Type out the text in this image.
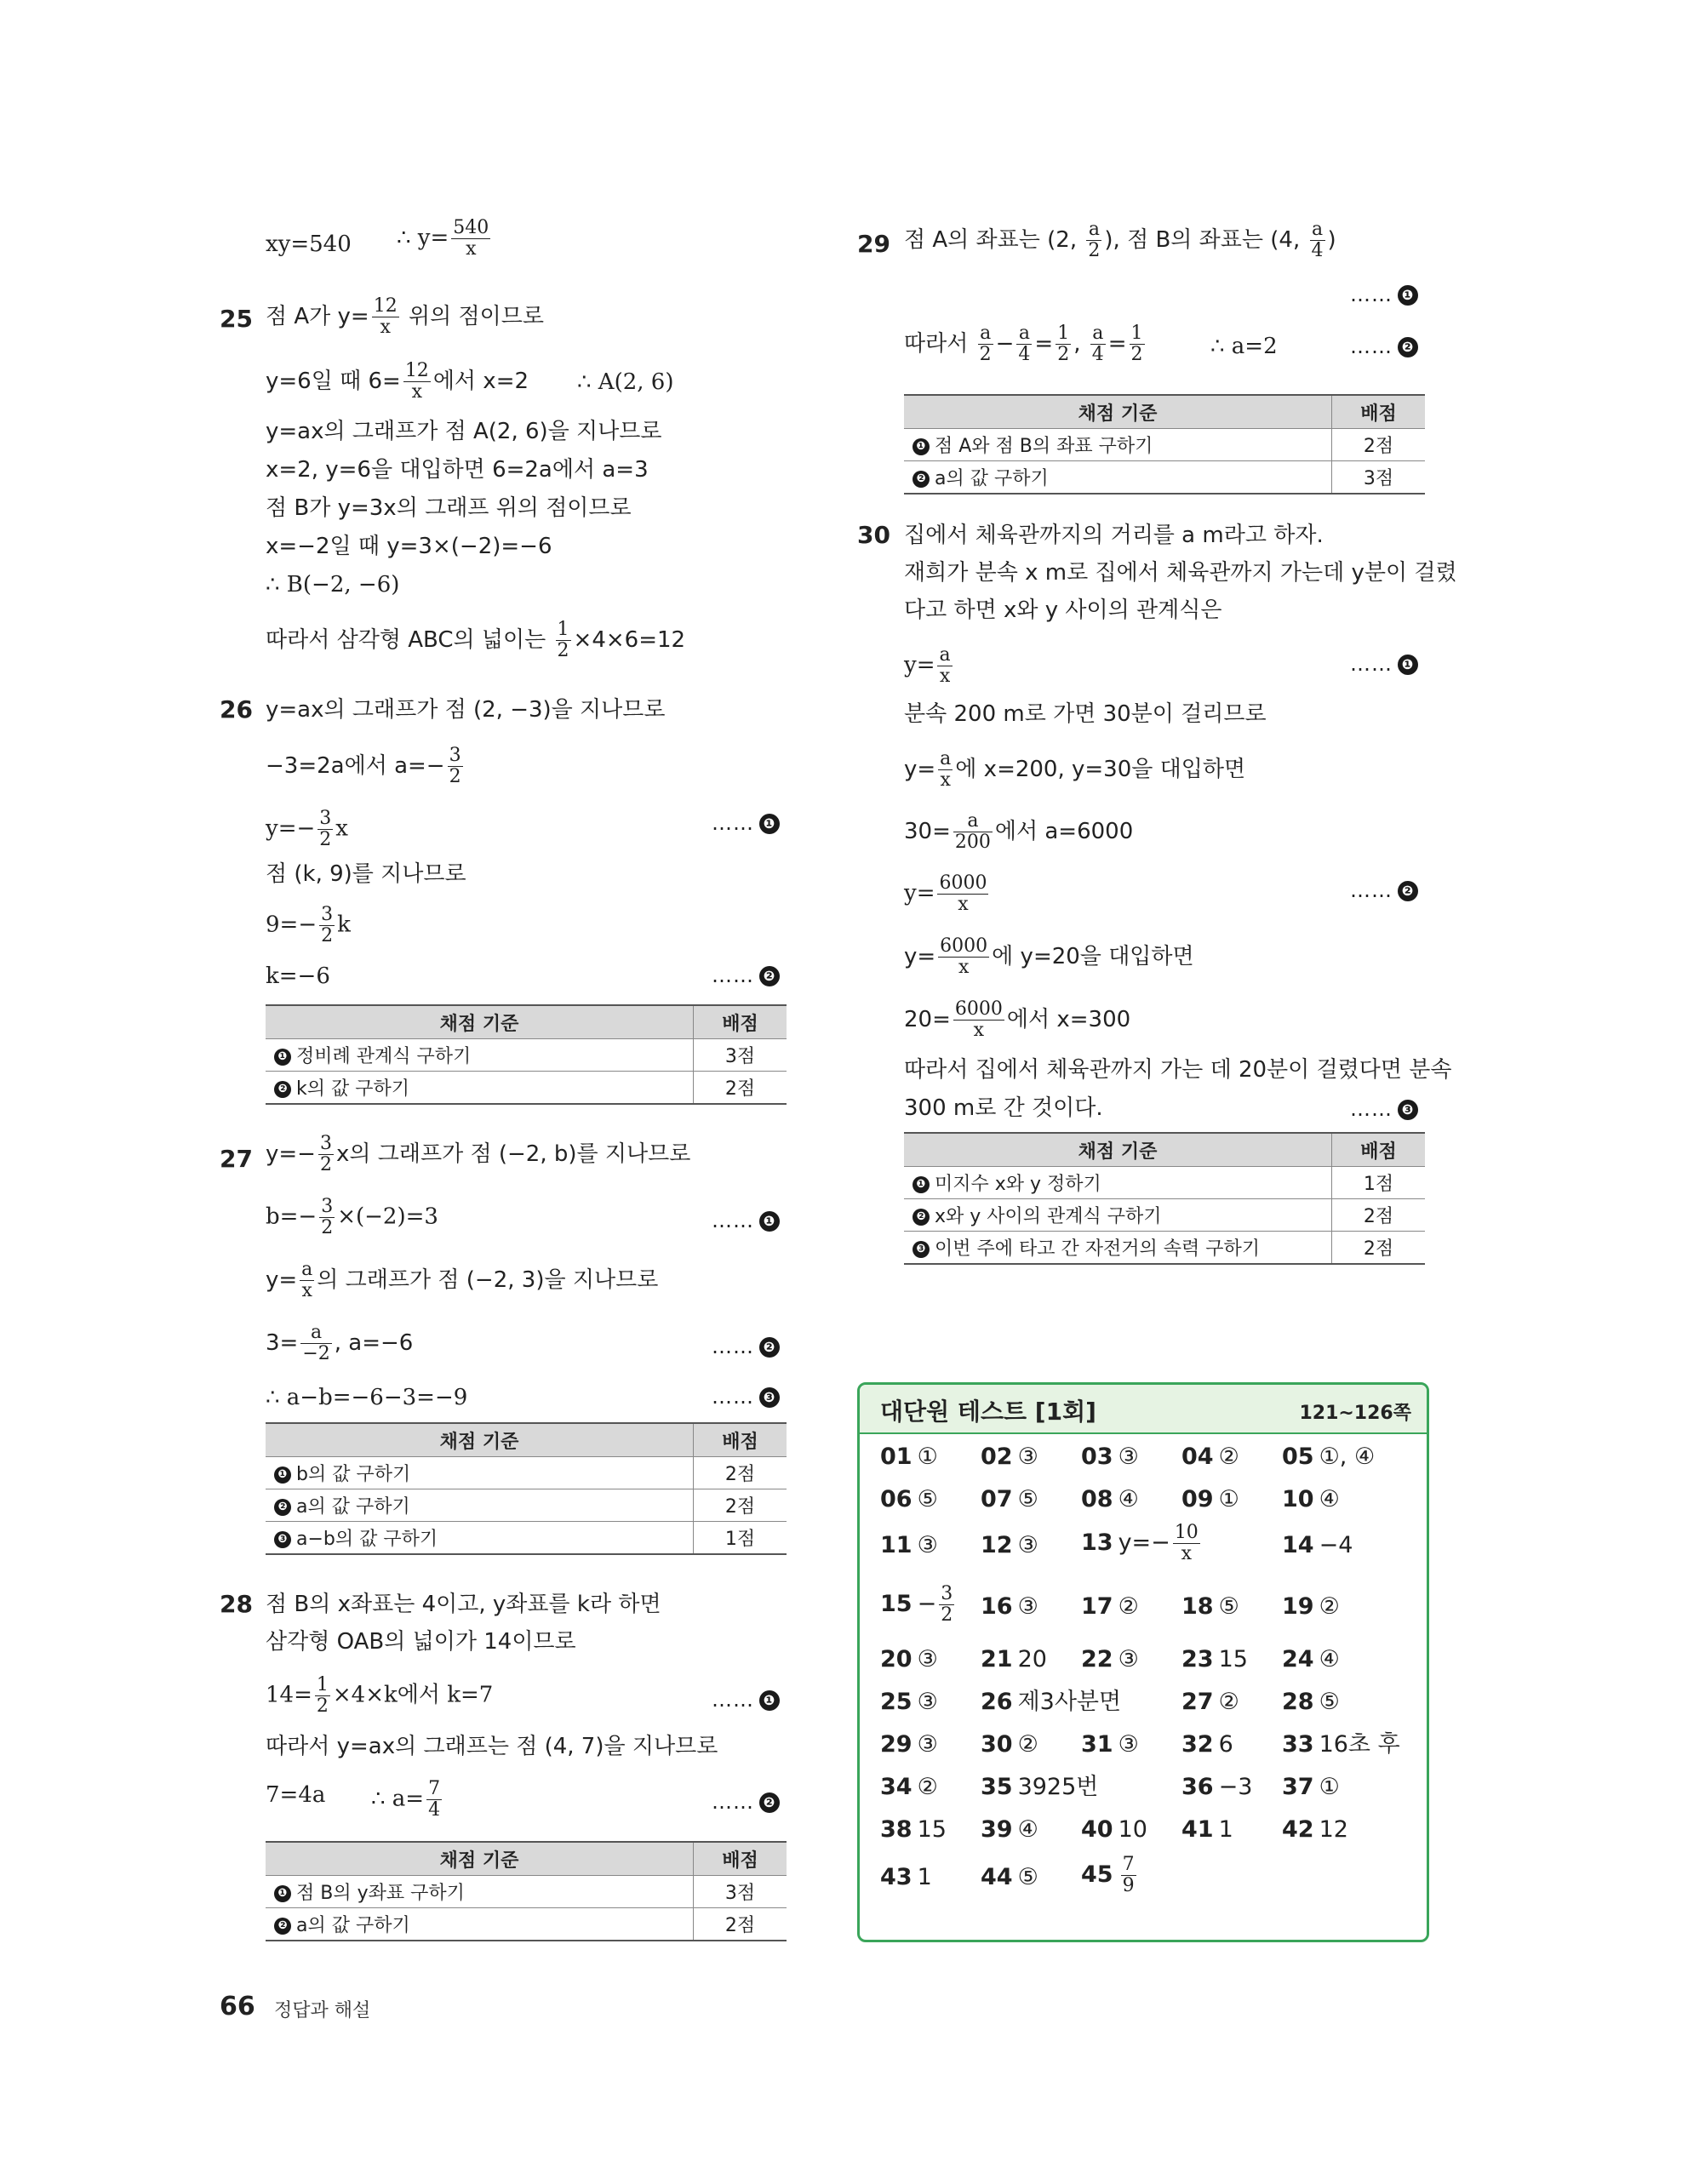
xy=540 ∴ $y= \frac{540}{x}$
25 점 A가 $y= \frac{12}{x}$ 위의 점이므로
y=6일 때 $6= \frac{12}{x}$ 에서 x=2 ∴ A(2, 6)
y=ax의 그래프가 점 A(2, 6)을 지나므로
x=2, y=6을 대입하면 6=2a에서 a=3
점 B가 y=3x의 그래프 위의 점이므로
x=−2일 때 y=3×(−2)=−6
∴ B(−2, −6)
따라서 삼각형 ABC의 넓이는 $\frac{1}{2} \times 4\times 6=12$
26 y=ax의 그래프가 점 (2, −3)을 지나므로
−3=2a에서 $a=- \frac{3}{2}$
$y=- \frac{3}{2}$ x	…… ❶
점 (k, 9)를 지나므로
$9=- \frac{3}{2}$ k
k=−6	…… ❷
채점 기준	배점
❶ 정비례 관계식 구하기	3점
❷ k의 값 구하기	2점
27 $y=- \frac{3}{2}$ x의 그래프가 점 (−2, b)를 지나므로
$b=- \frac{3}{2} \times(-2)=3$	…… ❶
$y= \frac{a}{x}$ 의 그래프가 점 (−2, 3)을 지나므로
$3= \frac{a}{-2}$ , a=−6	…… ❷
∴ a−b=−6−3=−9	…… ❸
채점 기준	배점
❶ b의 값 구하기	2점
❷ a의 값 구하기	2점
❸ a−b의 값 구하기	1점
28 점 B의 x좌표는 4이고, y좌표를 k라 하면
삼각형 OAB의 넓이가 14이므로
$14= \frac{1}{2} \times 4\times k$에서 k=7	…… ❶
따라서 y=ax의 그래프는 점 (4, 7)을 지나므로
7=4a ∴ $a= \frac{7}{4}$	…… ❷
채점 기준	배점
❶ 점 B의 y좌표 구하기	3점
❷ a의 값 구하기	2점
66 정답과 해설
29 점 A의 좌표는 (2, $\frac{a}{2}$ ), 점 B의 좌표는 (4, $\frac{a}{4}$ )
…… ❶
따라서 $\frac{a}{2} - \frac{a}{4} = \frac{1}{2}$ , $\frac{a}{4} = \frac{1}{2}$	∴ a=2	…… ❷
채점 기준	배점
❶ 점 A와 점 B의 좌표 구하기	2점
❷ a의 값 구하기	3점
30 집에서 체육관까지의 거리를 a m라고 하자.
재희가 분속 x m로 집에서 체육관까지 가는데 y분이 걸렸
다고 하면 x와 y 사이의 관계식은
$y= \frac{a}{x}$	…… ❶
분속 200 m로 가면 30분이 걸리므로
$y= \frac{a}{x}$ 에 x=200, y=30을 대입하면
$30= \frac{a}{200}$ 에서 a=6000
$y= \frac{6000}{x}$	…… ❷
$y= \frac{6000}{x}$ 에 y=20을 대입하면
$20= \frac{6000}{x}$ 에서 x=300
따라서 집에서 체육관까지 가는 데 20분이 걸렸다면 분속
300 m로 간 것이다.	…… ❸
채점 기준	배점
❶ 미지수 x와 y 정하기	1점
❷ x와 y 사이의 관계식 구하기	2점
❸ 이번 주에 타고 간 자전거의 속력 구하기	2점
대단원 테스트 [1회]	121~126쪽
01 ① 02 ③ 03 ③ 04 ② 05 ①, ④
06 ⑤ 07 ⑤ 08 ④ 09 ① 10 ④
11 ③ 12 ③ 13 $y=- \frac{10}{x}$	14 −4
$15 - \frac{3}{2} 16$ ③ 17 ② 18 ⑤ 19 ②
20 ③ 21 20 22 ③ 23 15 24 ④
25 ③ 26 제3사분면	27 ② 28 ⑤
29 ③ 30 ② 31 ③ 32 6 33 16초 후
34 ② 35 3925번	36 −3 37 ①
38 15 39 ④ 40 10 41 1 42 12
43 1 44 ⑤ $45 \frac{7}{9}$
